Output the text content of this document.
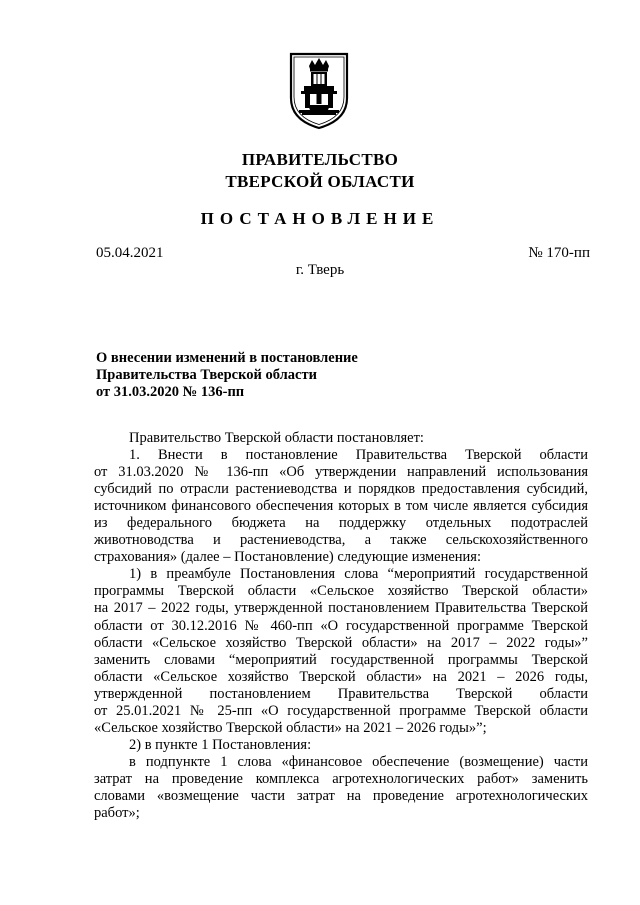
ПРАВИТЕЛЬСТВО
ТВЕРСКОЙ ОБЛАСТИ
ПОСТАНОВЛЕНИЕ
05.04.2021	№ 170-пп
г. Тверь
О внесении изменений в постановление
Правительства Тверской области
от 31.03.2020 № 136-пп
Правительство Тверской области постановляет:
1. Внести в постановление Правительства Тверской области
от 31.03.2020 № 136-пп «Об утверждении направлений использования
субсидий по отрасли растениеводства и порядков предоставления субсидий,
источником финансового обеспечения которых в том числе является субсидия
из федерального бюджета на поддержку отдельных подотраслей
животноводства и растениеводства, а также сельскохозяйственного
страхования» (далее – Постановление) следующие изменения:
1) в преамбуле Постановления слова “мероприятий государственной
программы Тверской области «Сельское хозяйство Тверской области»
на 2017 – 2022 годы, утвержденной постановлением Правительства Тверской
области от 30.12.2016 № 460-пп «О государственной программе Тверской
области «Сельское хозяйство Тверской области» на 2017 – 2022 годы»”
заменить словами “мероприятий государственной программы Тверской
области «Сельское хозяйство Тверской области» на 2021 – 2026 годы,
утвержденной постановлением Правительства Тверской области
от 25.01.2021 № 25-пп «О государственной программе Тверской области
«Сельское хозяйство Тверской области» на 2021 – 2026 годы»”;
2) в пункте 1 Постановления:
в подпункте 1 слова «финансовое обеспечение (возмещение) части
затрат на проведение комплекса агротехнологических работ» заменить
словами «возмещение части затрат на проведение агротехнологических
работ»;
